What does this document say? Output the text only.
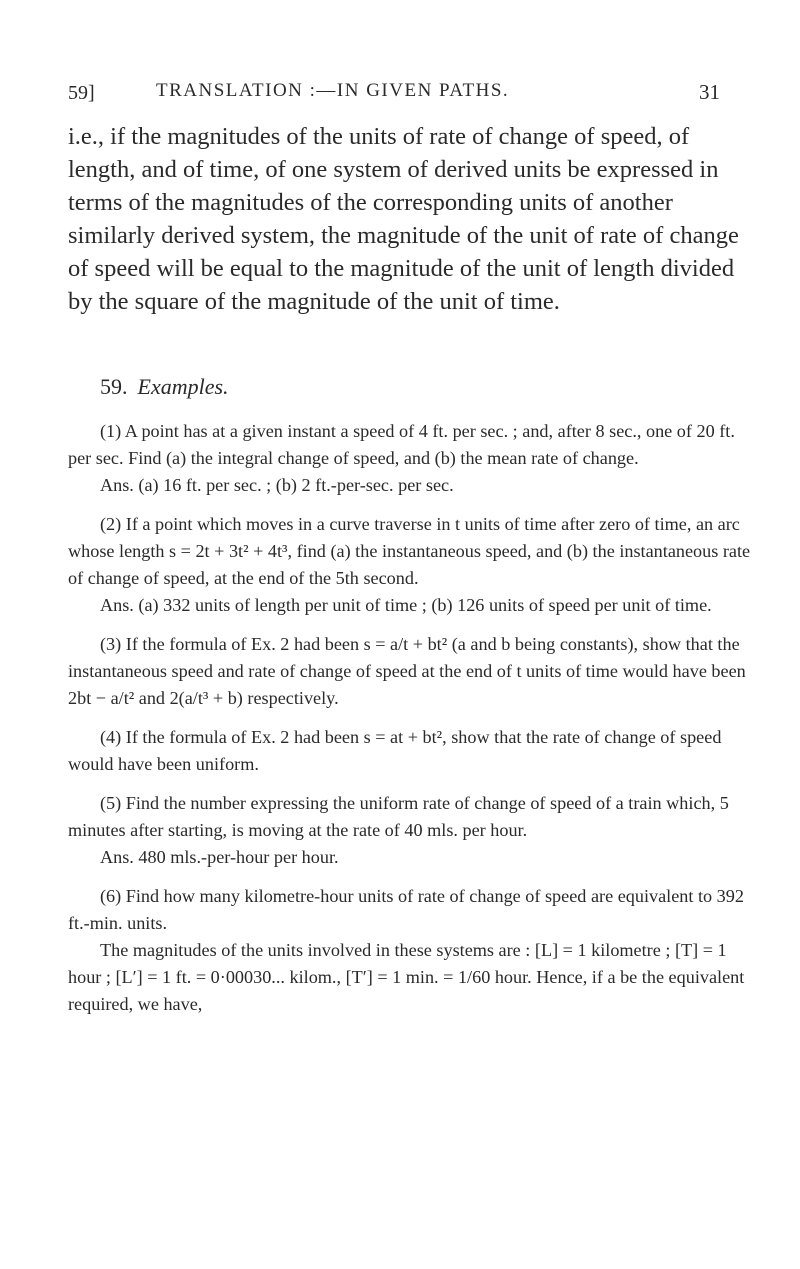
59]	TRANSLATION :—IN GIVEN PATHS.	31

i.e., if the magnitudes of the units of rate of change of speed, of length, and of time, of one system of derived units be expressed in terms of the magnitudes of the corresponding units of another similarly derived system, the magnitude of the unit of rate of change of speed will be equal to the magnitude of the unit of length divided by the square of the magnitude of the unit of time.

59. Examples.

(1) A point has at a given instant a speed of 4 ft. per sec. ; and, after 8 sec., one of 20 ft. per sec. Find (a) the integral change of speed, and (b) the mean rate of change.

Ans. (a) 16 ft. per sec. ; (b) 2 ft.-per-sec. per sec.

(2) If a point which moves in a curve traverse in t units of time after zero of time, an arc whose length s = 2t + 3t² + 4t³, find (a) the instantaneous speed, and (b) the instantaneous rate of change of speed, at the end of the 5th second.

Ans. (a) 332 units of length per unit of time ; (b) 126 units of speed per unit of time.

(3) If the formula of Ex. 2 had been s = a/t + bt² (a and b being constants), show that the instantaneous speed and rate of change of speed at the end of t units of time would have been 2bt − a/t² and 2(a/t³ + b) respectively.

(4) If the formula of Ex. 2 had been s = at + bt², show that the rate of change of speed would have been uniform.

(5) Find the number expressing the uniform rate of change of speed of a train which, 5 minutes after starting, is moving at the rate of 40 mls. per hour.

Ans. 480 mls.-per-hour per hour.

(6) Find how many kilometre-hour units of rate of change of speed are equivalent to 392 ft.-min. units.

The magnitudes of the units involved in these systems are : [L] = 1 kilometre ; [T] = 1 hour ; [L′] = 1 ft. = 0·00030... kilom., [T′] = 1 min. = 1/60 hour. Hence, if a be the equivalent required, we have,
